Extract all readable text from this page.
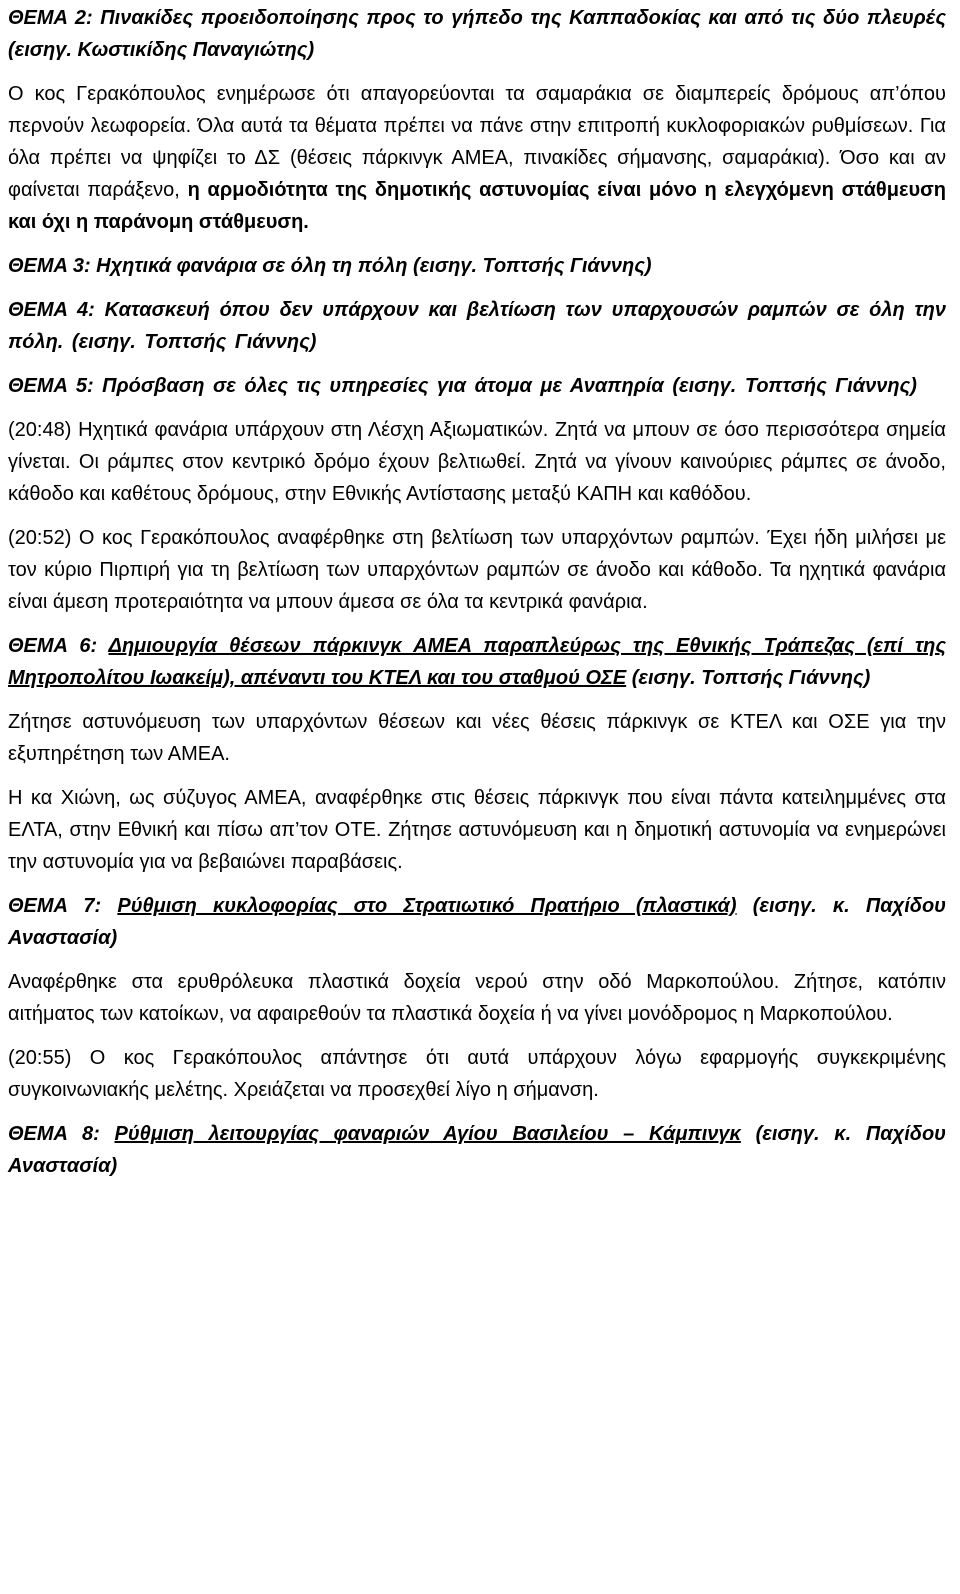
ΘΕΜΑ 2: Πινακίδες προειδοποίησης προς το γήπεδο της Καππαδοκίας και από τις δύο πλευρές (εισηγ. Κωστικίδης Παναγιώτης)

Ο κος Γερακόπουλος ενημέρωσε ότι απαγορεύονται τα σαμαράκια σε διαμπερείς δρόμους απ’όπου περνούν λεωφορεία. Όλα αυτά τα θέματα πρέπει να πάνε στην επιτροπή κυκλοφοριακών ρυθμίσεων. Για όλα πρέπει να ψηφίζει το ΔΣ (θέσεις πάρκινγκ ΑΜΕΑ, πινακίδες σήμανσης, σαμαράκια). Όσο και αν φαίνεται παράξενο, η αρμοδιότητα της δημοτικής αστυνομίας είναι μόνο η ελεγχόμενη στάθμευση και όχι η παράνομη στάθμευση.

ΘΕΜΑ 3: Ηχητικά φανάρια σε όλη τη πόλη (εισηγ. Τοπτσής Γιάννης)

ΘΕΜΑ 4: Κατασκευή όπου δεν υπάρχουν και βελτίωση των υπαρχουσών ραμπών σε όλη την πόλη. (εισηγ. Τοπτσής Γιάννης)

ΘΕΜΑ 5: Πρόσβαση σε όλες τις υπηρεσίες για άτομα με Αναπηρία (εισηγ. Τοπτσής Γιάννης)

(20:48) Ηχητικά φανάρια υπάρχουν στη Λέσχη Αξιωματικών. Ζητά να μπουν σε όσο περισσότερα σημεία γίνεται. Οι ράμπες στον κεντρικό δρόμο έχουν βελτιωθεί. Ζητά να γίνουν καινούριες ράμπες σε άνοδο, κάθοδο και καθέτους δρόμους, στην Εθνικής Αντίστασης μεταξύ ΚΑΠΗ και καθόδου.

(20:52) Ο κος Γερακόπουλος αναφέρθηκε στη βελτίωση των υπαρχόντων ραμπών. Έχει ήδη μιλήσει με τον κύριο Πιρπιρή για τη βελτίωση των υπαρχόντων ραμπών σε άνοδο και κάθοδο. Τα ηχητικά φανάρια είναι άμεση προτεραιότητα να μπουν άμεσα σε όλα τα κεντρικά φανάρια.

ΘΕΜΑ 6: Δημιουργία θέσεων πάρκινγκ ΑΜΕΑ παραπλεύρως της Εθνικής Τράπεζας (επί της Μητροπολίτου Ιωακείμ), απέναντι του ΚΤΕΛ και του σταθμού ΟΣΕ (εισηγ. Τοπτσής Γιάννης)

Ζήτησε αστυνόμευση των υπαρχόντων θέσεων και νέες θέσεις πάρκινγκ σε ΚΤΕΛ και ΟΣΕ για την εξυπηρέτηση των ΑΜΕΑ.

Η κα Χιώνη, ως σύζυγος ΑΜΕΑ, αναφέρθηκε στις θέσεις πάρκινγκ που είναι πάντα κατειλημμένες στα ΕΛΤΑ, στην Εθνική και πίσω απ’τον ΟΤΕ. Ζήτησε αστυνόμευση και η δημοτική αστυνομία να ενημερώνει την αστυνομία για να βεβαιώνει παραβάσεις.

ΘΕΜΑ 7: Ρύθμιση κυκλοφορίας στο Στρατιωτικό Πρατήριο (πλαστικά) (εισηγ. κ. Παχίδου Αναστασία)

Αναφέρθηκε στα ερυθρόλευκα πλαστικά δοχεία νερού στην οδό Μαρκοπούλου. Ζήτησε, κατόπιν αιτήματος των κατοίκων, να αφαιρεθούν τα πλαστικά δοχεία ή να γίνει μονόδρομος η Μαρκοπούλου.

(20:55) Ο κος Γερακόπουλος απάντησε ότι αυτά υπάρχουν λόγω εφαρμογής συγκεκριμένης συγκοινωνιακής μελέτης. Χρειάζεται να προσεχθεί λίγο η σήμανση.

ΘΕΜΑ 8: Ρύθμιση λειτουργίας φαναριών Αγίου Βασιλείου – Κάμπινγκ (εισηγ. κ. Παχίδου Αναστασία)
